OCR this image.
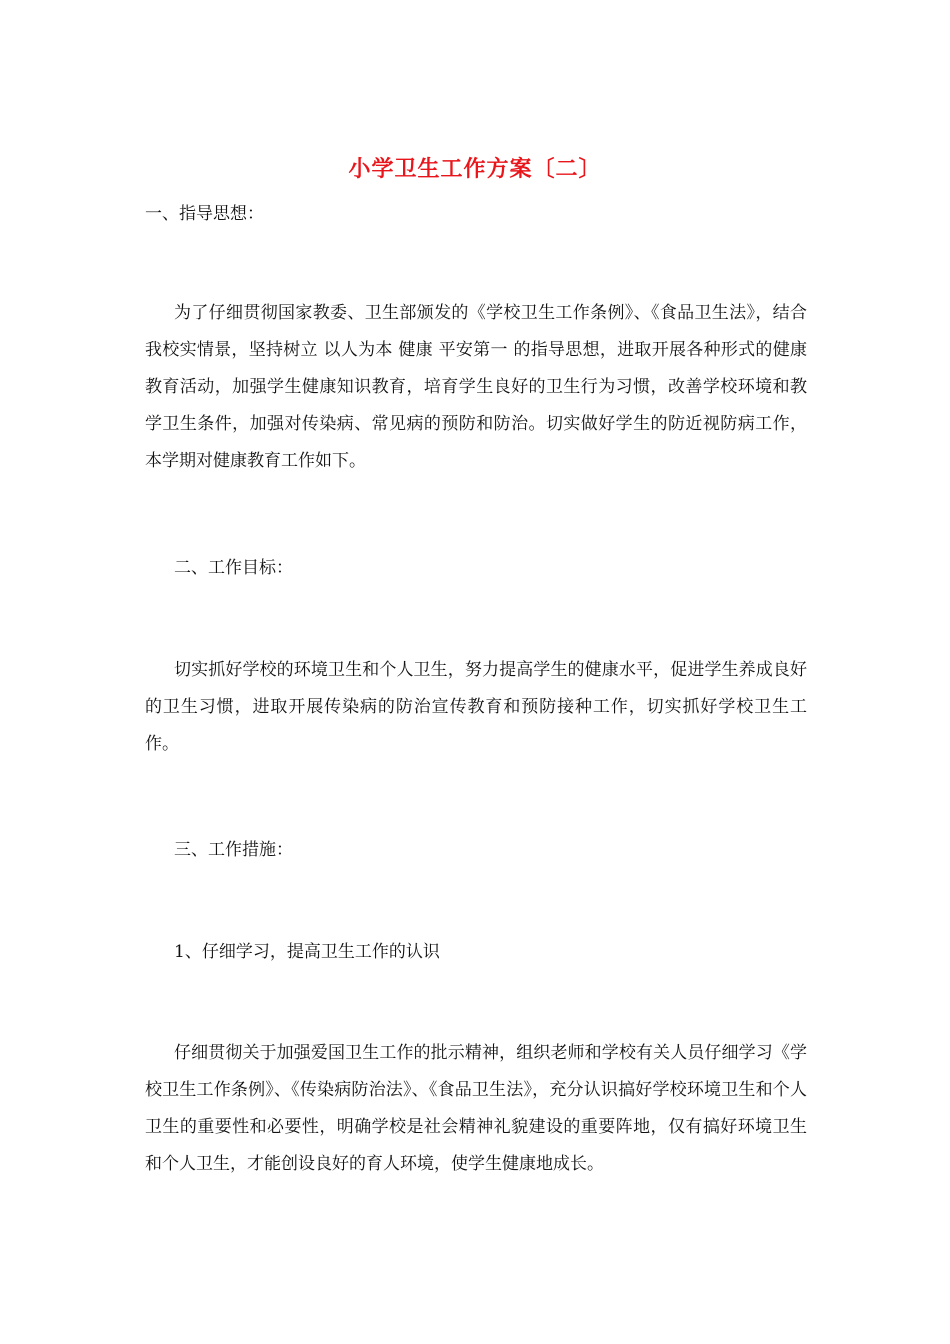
小学卫生工作方案〔二〕
一、指导思想：
为了仔细贯彻国家教委、卫生部颁发的《学校卫生工作条例》、《食品卫生法》，结合我校实情景，坚持树立 以人为本 健康 平安第一 的指导思想，进取开展各种形式的健康教育活动，加强学生健康知识教育，培育学生良好的卫生行为习惯，改善学校环境和教学卫生条件，加强对传染病、常见病的预防和防治。切实做好学生的防近视防病工作，本学期对健康教育工作如下。
二、工作目标：
切实抓好学校的环境卫生和个人卫生，努力提高学生的健康水平，促进学生养成良好的卫生习惯，进取开展传染病的防治宣传教育和预防接种工作，切实抓好学校卫生工作。
三、工作措施：
1、仔细学习，提高卫生工作的认识
仔细贯彻关于加强爱国卫生工作的批示精神，组织老师和学校有关人员仔细学习《学校卫生工作条例》、《传染病防治法》、《食品卫生法》，充分认识搞好学校环境卫生和个人卫生的重要性和必要性，明确学校是社会精神礼貌建设的重要阵地，仅有搞好环境卫生和个人卫生，才能创设良好的育人环境，使学生健康地成长。
